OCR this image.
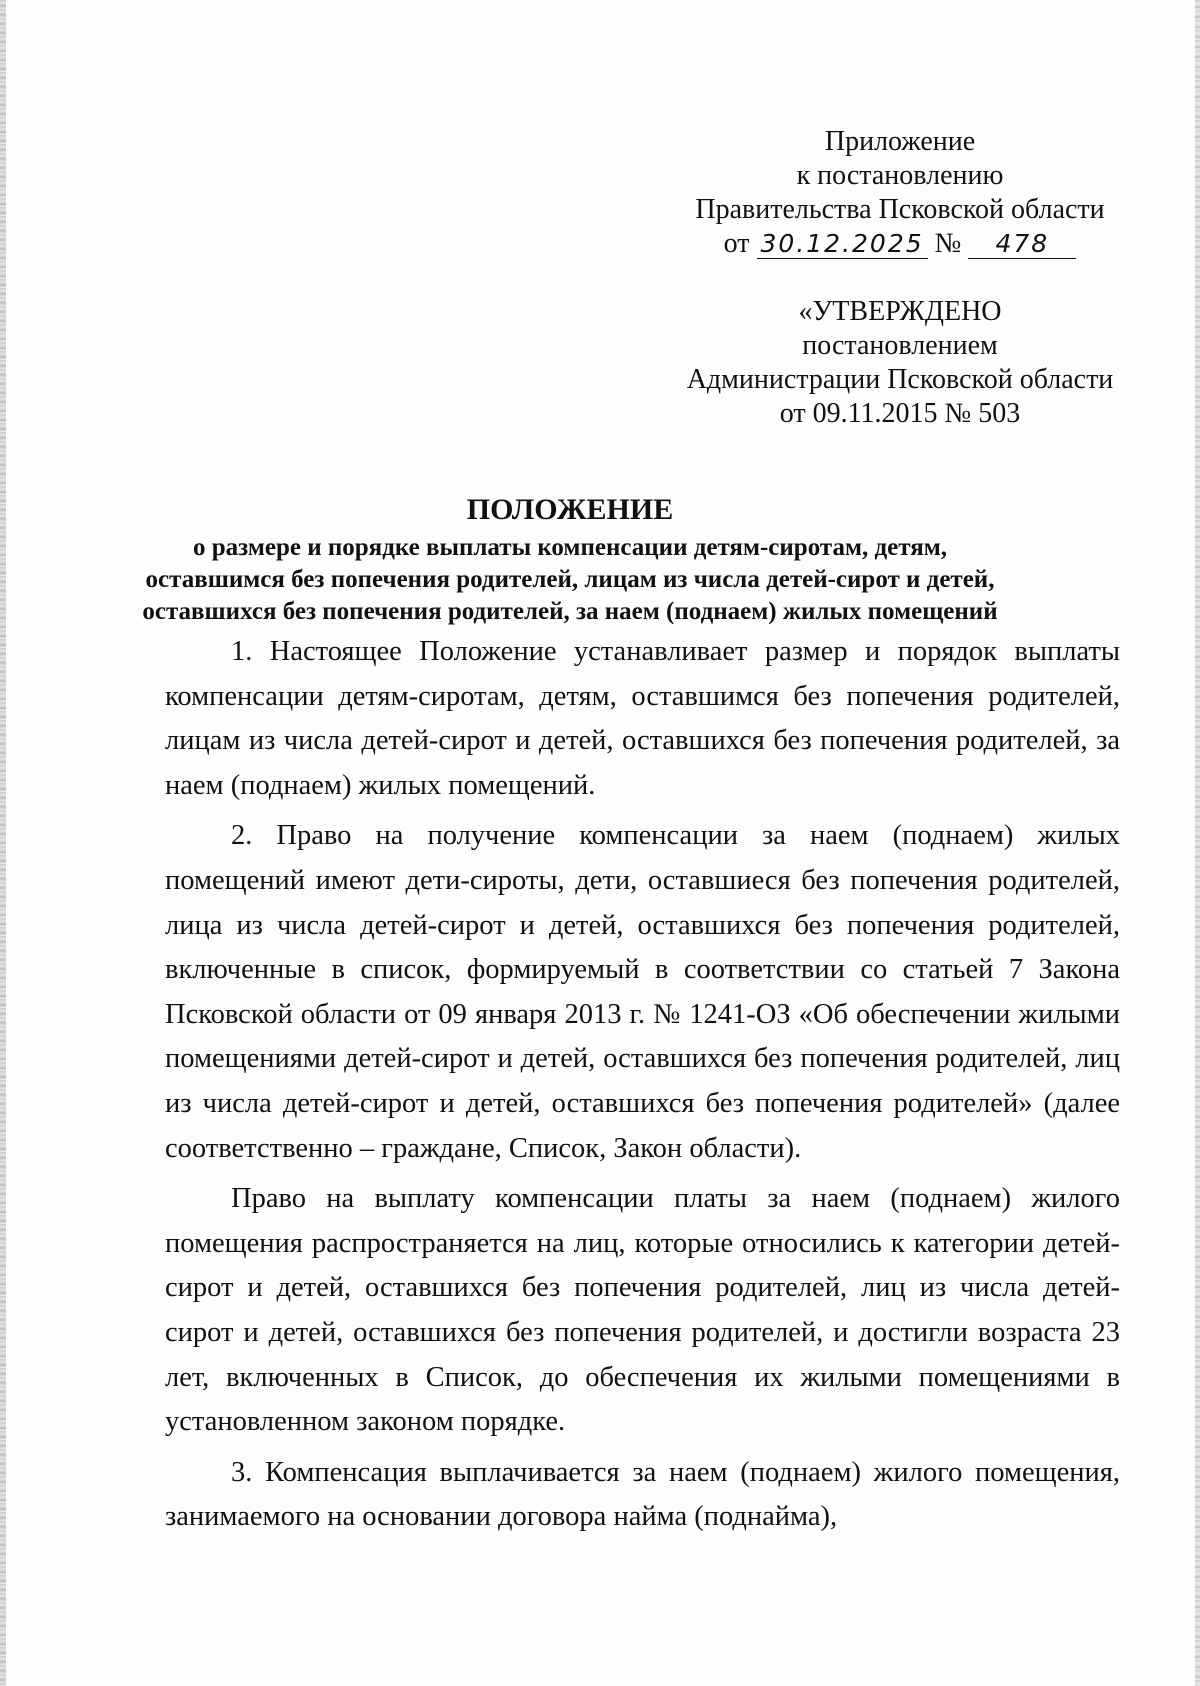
Приложение
к постановлению
Правительства Псковской области
от 30.12.2025 № 478
«УТВЕРЖДЕНО
постановлением
Администрации Псковской области
от 09.11.2015 № 503
ПОЛОЖЕНИЕ
о размере и порядке выплаты компенсации детям-сиротам, детям, оставшимся без попечения родителей, лицам из числа детей-сирот и детей, оставшихся без попечения родителей, за наем (поднаем) жилых помещений

1. Настоящее Положение устанавливает размер и порядок выплаты компенсации детям-сиротам, детям, оставшимся без попечения родителей, лицам из числа детей-сирот и детей, оставшихся без попечения родителей, за наем (поднаем) жилых помещений.

2. Право на получение компенсации за наем (поднаем) жилых помещений имеют дети-сироты, дети, оставшиеся без попечения родителей, лица из числа детей-сирот и детей, оставшихся без попечения родителей, включенные в список, формируемый в соответствии со статьей 7 Закона Псковской области от 09 января 2013 г. № 1241-ОЗ «Об обеспечении жилыми помещениями детей-сирот и детей, оставшихся без попечения родителей, лиц из числа детей-сирот и детей, оставшихся без попечения родителей» (далее соответственно – граждане, Список, Закон области).

Право на выплату компенсации платы за наем (поднаем) жилого помещения распространяется на лиц, которые относились к категории детей-сирот и детей, оставшихся без попечения родителей, лиц из числа детей-сирот и детей, оставшихся без попечения родителей, и достигли возраста 23 лет, включенных в Список, до обеспечения их жилыми помещениями в установленном законом порядке.

3. Компенсация выплачивается за наем (поднаем) жилого помещения, занимаемого на основании договора найма (поднайма),
